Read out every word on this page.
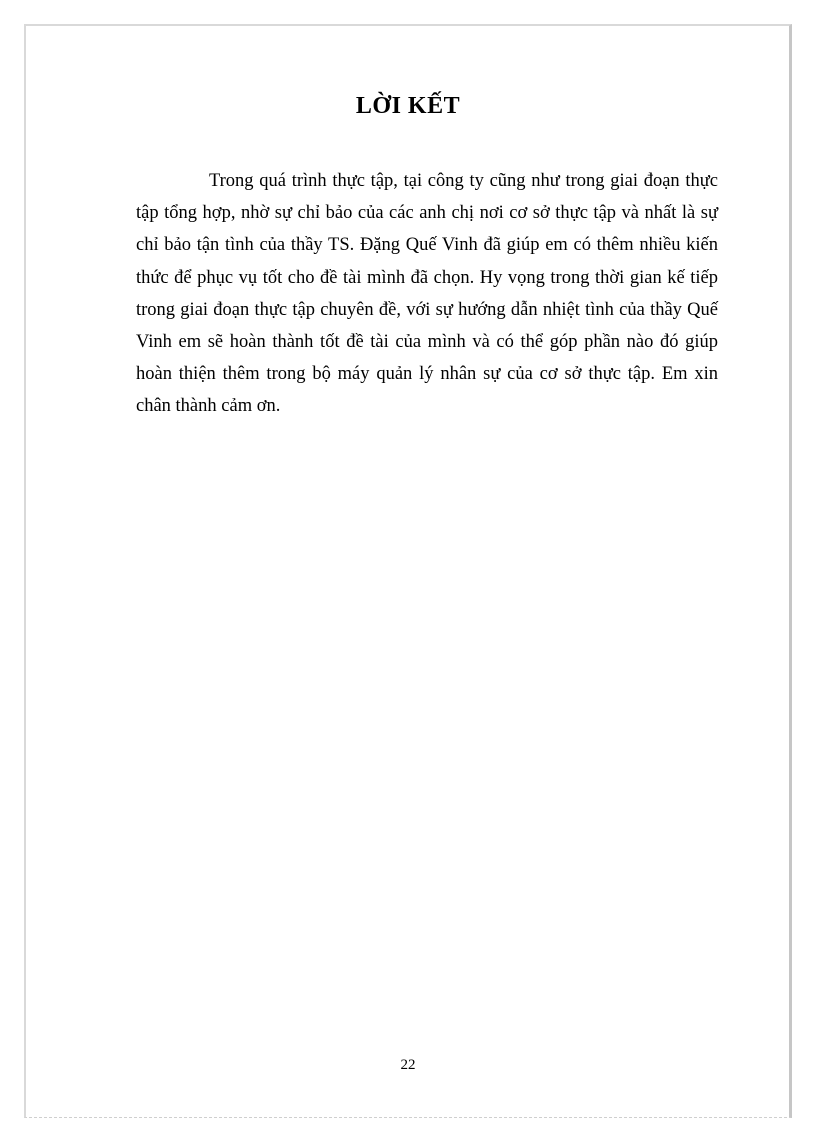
LỜI KẾT

Trong quá trình thực tập, tại công ty cũng như trong giai đoạn thực tập tổng hợp, nhờ sự chỉ bảo của các anh chị nơi cơ sở thực tập và nhất là sự chỉ bảo tận tình của thầy TS. Đặng Quế Vinh đã giúp em có thêm nhiều kiến thức để phục vụ tốt cho đề tài mình đã chọn. Hy vọng trong thời gian kế tiếp trong giai đoạn thực tập chuyên đề, với sự hướng dẫn nhiệt tình của thầy Quế Vinh em sẽ hoàn thành tốt đề tài của mình và có thể góp phần nào đó giúp hoàn thiện thêm trong bộ máy quản lý nhân sự của cơ sở thực tập. Em xin chân thành cảm ơn.

22
